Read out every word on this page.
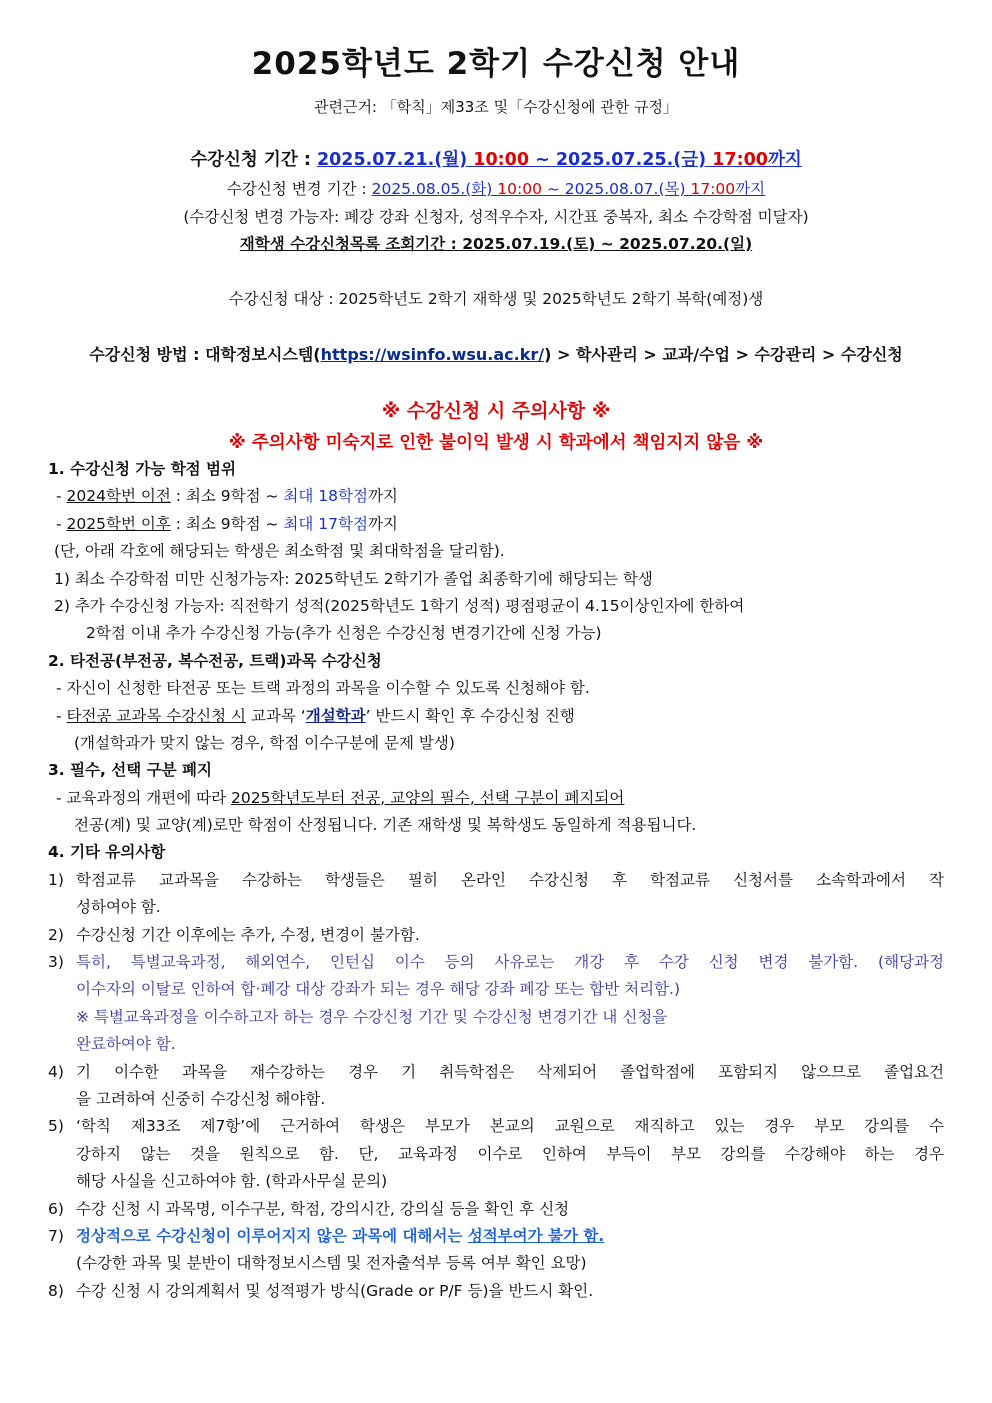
2025학년도 2학기 수강신청 안내
관련근거: 「학칙」제33조 및「수강신청에 관한 규정」
수강신청 기간 : 2025.07.21.(월) 10:00 ~ 2025.07.25.(금) 17:00까지
수강신청 변경 기간 : 2025.08.05.(화) 10:00 ~ 2025.08.07.(목) 17:00까지
(수강신청 변경 가능자: 폐강 강좌 신청자, 성적우수자, 시간표 중복자, 최소 수강학점 미달자)
재학생 수강신청목록 조회기간 : 2025.07.19.(토) ~ 2025.07.20.(일)
수강신청 대상 : 2025학년도 2학기 재학생 및 2025학년도 2학기 복학(예정)생
수강신청 방법 : 대학정보시스템(https://wsinfo.wsu.ac.kr/) > 학사관리 > 교과/수업 > 수강관리 > 수강신청
※ 수강신청 시 주의사항 ※
※ 주의사항 미숙지로 인한 불이익 발생 시 학과에서 책임지지 않음 ※
1. 수강신청 가능 학점 범위
- 2024학번 이전 : 최소 9학점 ~ 최대 18학점까지
- 2025학번 이후 : 최소 9학점 ~ 최대 17학점까지
(단, 아래 각호에 해당되는 학생은 최소학점 및 최대학점을 달리함).
1) 최소 수강학점 미만 신청가능자: 2025학년도 2학기가 졸업 최종학기에 해당되는 학생
2) 추가 수강신청 가능자: 직전학기 성적(2025학년도 1학기 성적) 평점평균이 4.15이상인자에 한하여
2학점 이내 추가 수강신청 가능(추가 신청은 수강신청 변경기간에 신청 가능)
2. 타전공(부전공, 복수전공, 트랙)과목 수강신청
- 자신이 신청한 타전공 또는 트랙 과정의 과목을 이수할 수 있도록 신청해야 함.
- 타전공 교과목 수강신청 시 교과목 ‘개설학과’ 반드시 확인 후 수강신청 진행
(개설학과가 맞지 않는 경우, 학점 이수구분에 문제 발생)
3. 필수, 선택 구분 폐지
- 교육과정의 개편에 따라 2025학년도부터 전공, 교양의 필수, 선택 구분이 폐지되어
전공(계) 및 교양(계)로만 학점이 산정됩니다. 기존 재학생 및 복학생도 동일하게 적용됩니다.
4. 기타 유의사항
1) 학점교류 교과목을 수강하는 학생들은 필히 온라인 수강신청 후 학점교류 신청서를 소속학과에서 작
성하여야 함.
2) 수강신청 기간 이후에는 추가, 수정, 변경이 불가함.
3) 특히, 특별교육과정, 해외연수, 인턴십 이수 등의 사유로는 개강 후 수강 신청 변경 불가함. (해당과정
이수자의 이탈로 인하여 합‧폐강 대상 강좌가 되는 경우 해당 강좌 폐강 또는 합반 처리함.)
※ 특별교육과정을 이수하고자 하는 경우 수강신청 기간 및 수강신청 변경기간 내 신청을
완료하여야 함.
4) 기 이수한 과목을 재수강하는 경우 기 취득학점은 삭제되어 졸업학점에 포함되지 않으므로 졸업요건
을 고려하여 신중히 수강신청 해야함.
5) ‘학칙 제33조 제7항’에 근거하여 학생은 부모가 본교의 교원으로 재직하고 있는 경우 부모 강의를 수
강하지 않는 것을 원칙으로 함. 단, 교육과정 이수로 인하여 부득이 부모 강의를 수강해야 하는 경우
해당 사실을 신고하여야 함. (학과사무실 문의)
6) 수강 신청 시 과목명, 이수구분, 학점, 강의시간, 강의실 등을 확인 후 신청
7) 정상적으로 수강신청이 이루어지지 않은 과목에 대해서는 성적부여가 불가 함.
(수강한 과목 및 분반이 대학정보시스템 및 전자출석부 등록 여부 확인 요망)
8) 수강 신청 시 강의계획서 및 성적평가 방식(Grade or P/F 등)을 반드시 확인.
